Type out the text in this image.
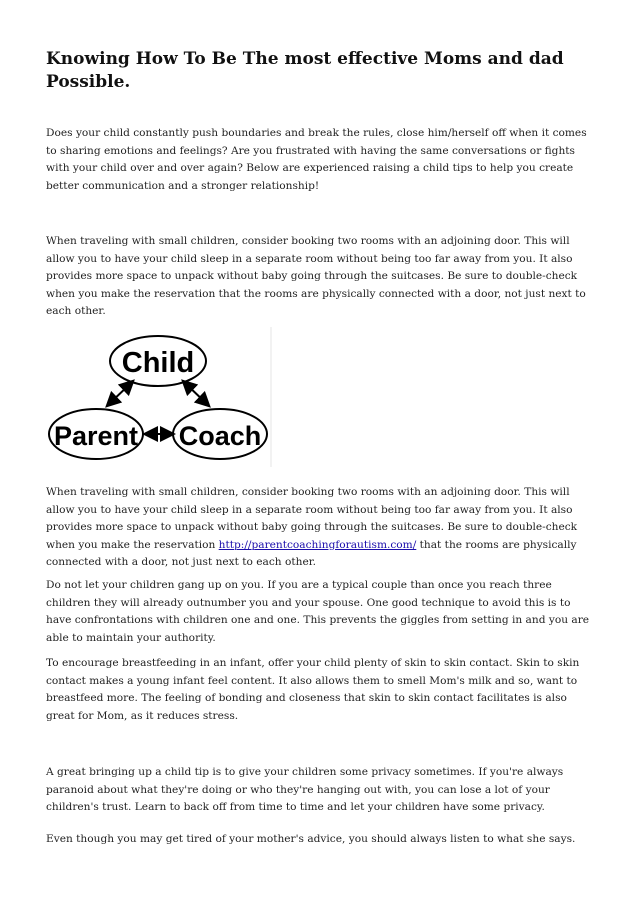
Knowing How To Be The most effective Moms and dad Possible.
Does your child constantly push boundaries and break the rules, close him/herself off when it comes to sharing emotions and feelings? Are you frustrated with having the same conversations or fights with your child over and over again? Below are experienced raising a child tips to help you create better communication and a stronger relationship!
When traveling with small children, consider booking two rooms with an adjoining door. This will allow you to have your child sleep in a separate room without being too far away from you. It also provides more space to unpack without baby going through the suitcases. Be sure to double-check when you make the reservation that the rooms are physically connected with a door, not just next to each other.
Child
Parent Coach
When traveling with small children, consider booking two rooms with an adjoining door. This will allow you to have your child sleep in a separate room without being too far away from you. It also provides more space to unpack without baby going through the suitcases. Be sure to double-check when you make the reservation http://parentcoachingforautism.com/ that the rooms are physically connected with a door, not just next to each other.
Do not let your children gang up on you. If you are a typical couple than once you reach three children they will already outnumber you and your spouse. One good technique to avoid this is to have confrontations with children one and one. This prevents the giggles from setting in and you are able to maintain your authority.
To encourage breastfeeding in an infant, offer your child plenty of skin to skin contact. Skin to skin contact makes a young infant feel content. It also allows them to smell Mom's milk and so, want to breastfeed more. The feeling of bonding and closeness that skin to skin contact facilitates is also great for Mom, as it reduces stress.
A great bringing up a child tip is to give your children some privacy sometimes. If you're always paranoid about what they're doing or who they're hanging out with, you can lose a lot of your children's trust. Learn to back off from time to time and let your children have some privacy.
Even though you may get tired of your mother's advice, you should always listen to what she says.
